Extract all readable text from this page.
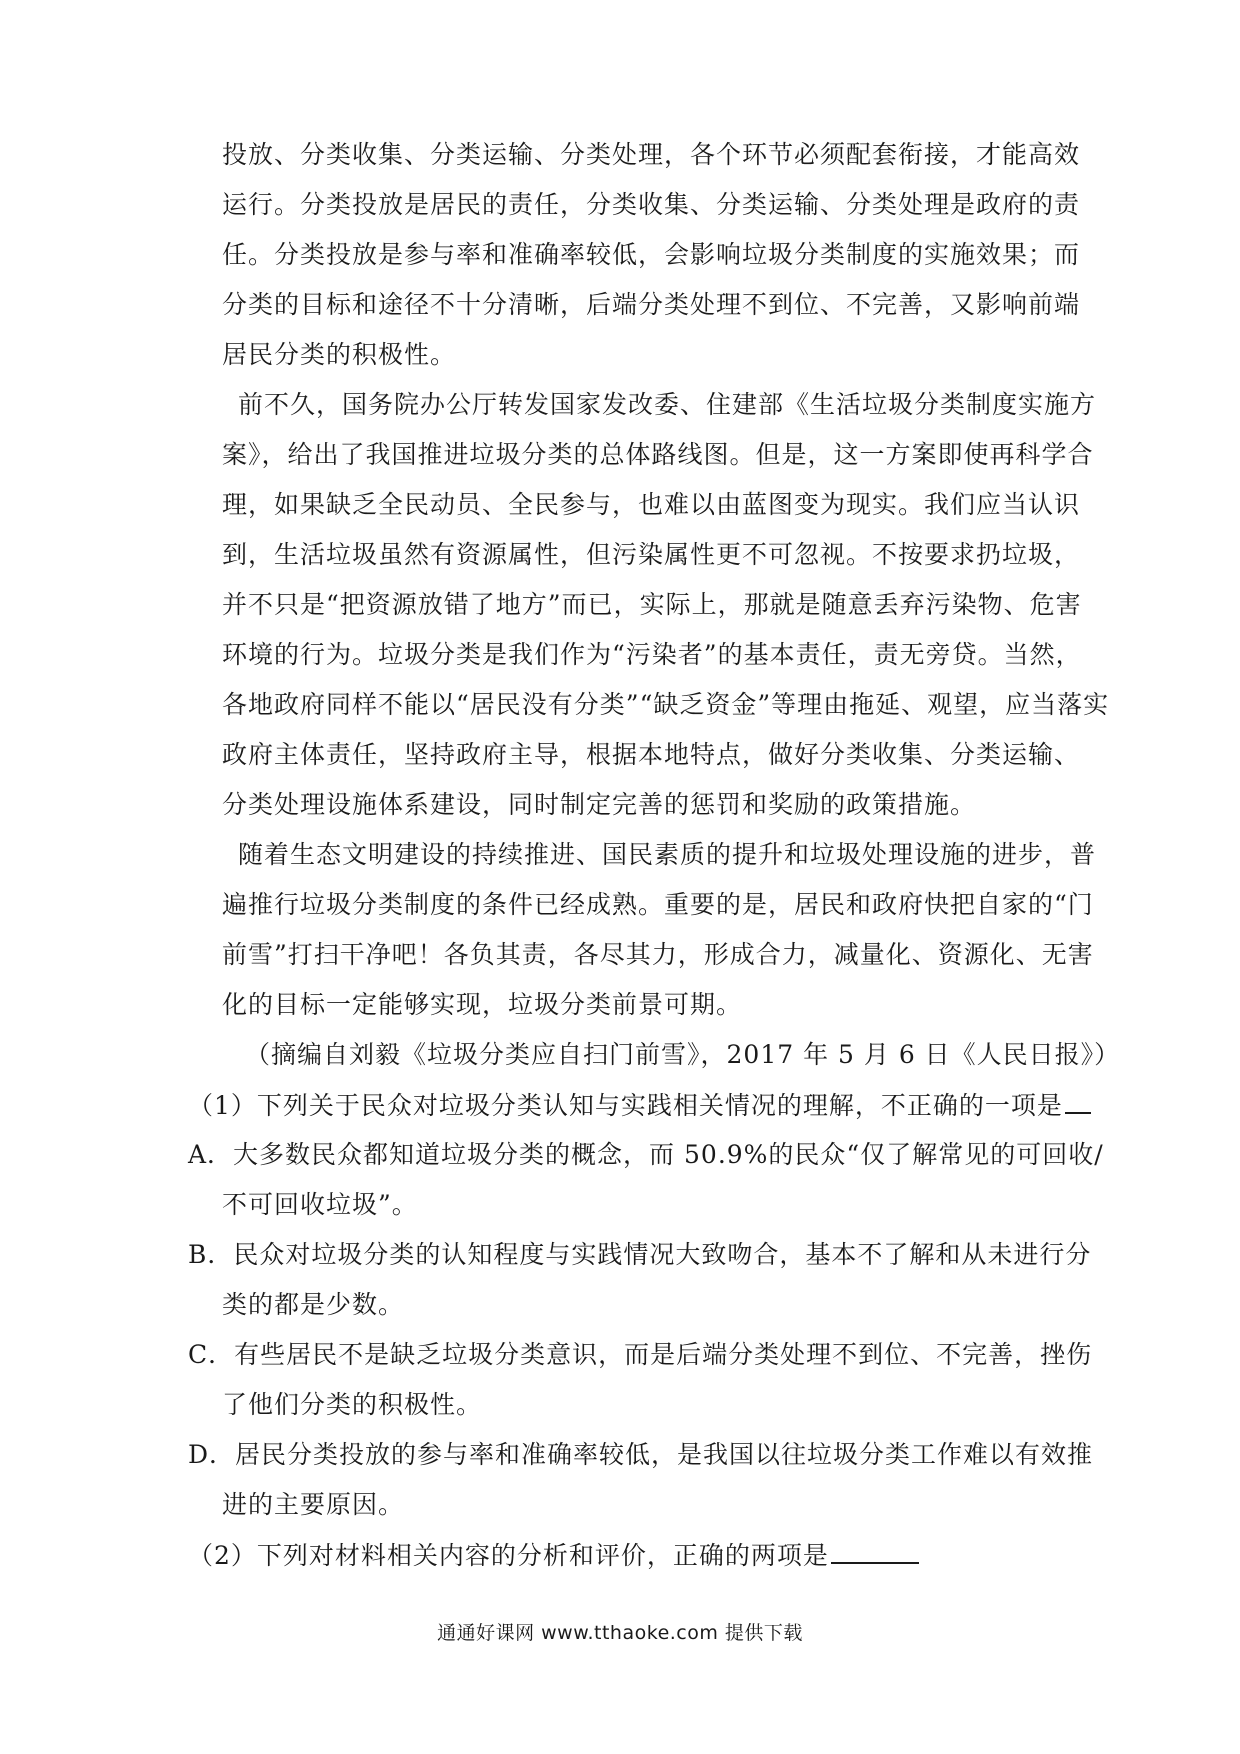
投放、分类收集、分类运输、分类处理，各个环节必须配套衔接，才能高效
运行。分类投放是居民的责任，分类收集、分类运输、分类处理是政府的责
任。分类投放是参与率和准确率较低，会影响垃圾分类制度的实施效果；而
分类的目标和途径不十分清晰，后端分类处理不到位、不完善，又影响前端
居民分类的积极性。
前不久，国务院办公厅转发国家发改委、住建部《生活垃圾分类制度实施方
案》，给出了我国推进垃圾分类的总体路线图。但是，这一方案即使再科学合
理，如果缺乏全民动员、全民参与，也难以由蓝图变为现实。我们应当认识
到，生活垃圾虽然有资源属性，但污染属性更不可忽视。不按要求扔垃圾，
并不只是“把资源放错了地方”而已，实际上，那就是随意丢弃污染物、危害
环境的行为。垃圾分类是我们作为“污染者”的基本责任，责无旁贷。当然，
各地政府同样不能以“居民没有分类”“缺乏资金”等理由拖延、观望，应当落实
政府主体责任，坚持政府主导，根据本地特点，做好分类收集、分类运输、
分类处理设施体系建设，同时制定完善的惩罚和奖励的政策措施。
随着生态文明建设的持续推进、国民素质的提升和垃圾处理设施的进步，普
遍推行垃圾分类制度的条件已经成熟。重要的是，居民和政府快把自家的“门
前雪”打扫干净吧！各负其责，各尽其力，形成合力，减量化、资源化、无害
化的目标一定能够实现，垃圾分类前景可期。
（摘编自刘毅《垃圾分类应自扫门前雪》，2017 年 5 月 6 日《人民日报》）
（1）下列关于民众对垃圾分类认知与实践相关情况的理解，不正确的一项是
A．大多数民众都知道垃圾分类的概念，而 50.9%的民众“仅了解常见的可回收/
不可回收垃圾”。
B．民众对垃圾分类的认知程度与实践情况大致吻合，基本不了解和从未进行分
类的都是少数。
C．有些居民不是缺乏垃圾分类意识，而是后端分类处理不到位、不完善，挫伤
了他们分类的积极性。
D．居民分类投放的参与率和准确率较低，是我国以往垃圾分类工作难以有效推
进的主要原因。
（2）下列对材料相关内容的分析和评价，正确的两项是
通通好课网 www.tthaoke.com 提供下载
